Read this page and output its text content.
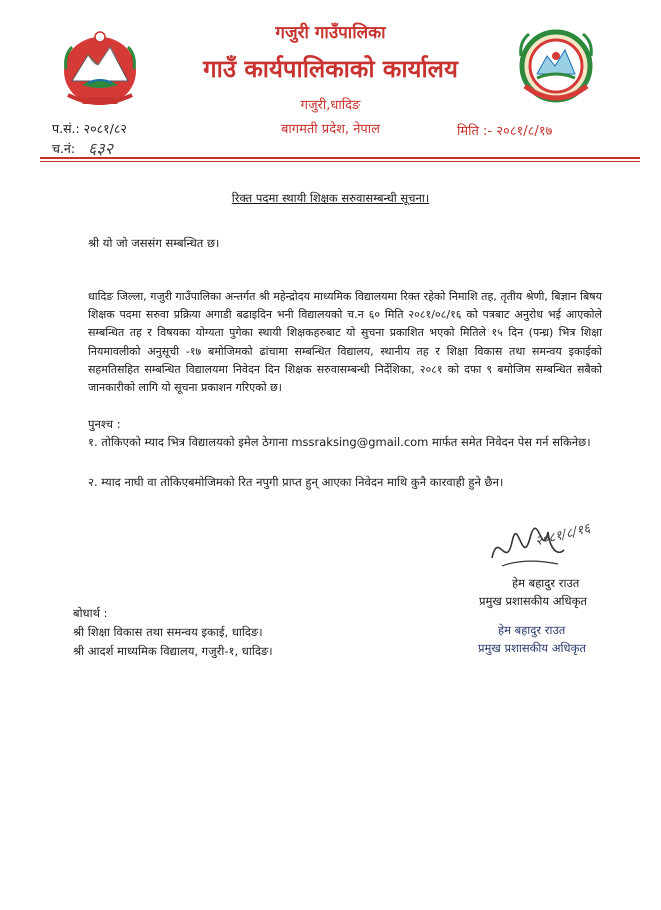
गजुरी गाउँपालिका
गाउँ कार्यपालिकाको कार्यालय
गजुरी,धादिङ
बागमती प्रदेश, नेपाल
प.सं.: २०८१/८२
च.नं: ६३२
मिति :- २०८१/८/१७
रिक्त पदमा स्थायी शिक्षक सरुवासम्बन्धी सूचना।
श्री यो जो जससंग सम्बन्धित छ।
धादिङ जिल्ला, गजुरी गाउँपालिका अन्तर्गत श्री महेन्द्रोदय माध्यमिक विद्यालयमा रिक्त रहेको निमाशि तह, तृतीय श्रेणी, बिज्ञान बिषय शिक्षक पदमा सरुवा प्रक्रिया अगाडी बढाइदिन भनी विद्यालयको च.न ६० मिति २०८१/०८/१६ को पत्रबाट अनुरोध भई आएकोले सम्बन्धित तह र विषयका योग्यता पुगेका स्थायी शिक्षकहरुबाट यो सुचना प्रकाशित भएको मितिले १५ दिन (पन्ध्र) भित्र शिक्षा नियमावलीको अनुसूची -१७ बमोजिमको ढांचामा सम्बन्धित विद्यालय, स्थानीय तह र शिक्षा विकास तथा समन्वय इकाईको सहमतिसहित सम्बन्धित विद्यालयमा निवेदन दिन शिक्षक सरुवासम्बन्धी निर्देशिका, २०८१ को दफा ९ बमोजिम सम्बन्धित सबैको जानकारीको लागि यो सूचना प्रकाशन गरिएको छ।
पुनश्च :
१. तोकिएको म्याद भित्र विद्यालयको इमेल ठेगाना mssraksing@gmail.com मार्फत समेत निवेदन पेस गर्न सकिनेछ।
२. म्याद नाघी वा तोकिएबमोजिमको रित नपुगी प्राप्त हुन् आएका निवेदन माथि कुनै कारवाही हुने छैन।
२०८१/८/१६
हेम बहादुर राउत
प्रमुख प्रशासकीय अधिकृत
हेम बहादुर राउत
प्रमुख प्रशासकीय अधिकृत
बोधार्थ :
श्री शिक्षा विकास तथा समन्वय इकाई, धादिङ।
श्री आदर्श माध्यमिक विद्यालय, गजुरी-१, धादिङ।
